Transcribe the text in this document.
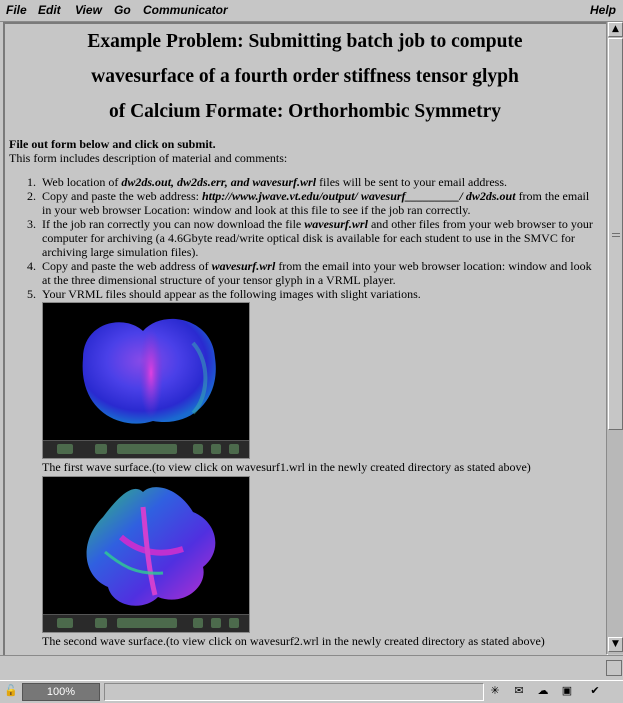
File Edit View Go Communicator	Help
Example Problem: Submitting batch job to compute
wavesurface of a fourth order stiffness tensor glyph
of Calcium Formate: Orthorhombic Symmetry
File out form below and click on submit.
This form includes description of material and comments:
1. Web location of dw2ds.out, dw2ds.err, and wavesurf.wrl files will be sent to your email address.
2. Copy and paste the web address: http://www.jwave.vt.edu/output/ wavesurf_________/ dw2ds.out from the email in your web browser Location: window and look at this file to see if the job ran correctly.
3. If the job ran correctly you can now download the file wavesurf.wrl and other files from your web browser to your computer for archiving (a 4.6Gbyte read/write optical disk is available for each student to use in the SMVC for archiving large simulation files).
4. Copy and paste the web address of wavesurf.wrl from the email into your web browser location: window and look at the three dimensional structure of your tensor glyph in a VRML player.
5. Your VRML files should appear as the following images with slight variations.
The first wave surface.(to view click on wavesurf1.wrl in the newly created directory as stated above)
The second wave surface.(to view click on wavesurf2.wrl in the newly created directory as stated above)
▲
▼
🔓	100%	✳	✉	☁	▣	✔
